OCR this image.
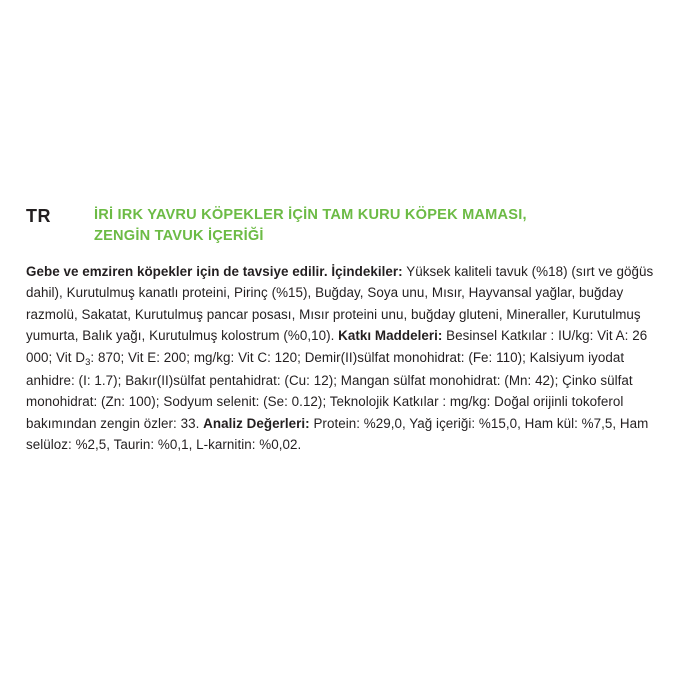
TR	İRİ IRK YAVRU KÖPEKLER İÇİN TAM KURU KÖPEK MAMASI,
ZENGİN TAVUK İÇERİĞİ
Gebe ve emziren köpekler için de tavsiye edilir. İçindekiler: Yüksek kaliteli tavuk (%18) (sırt ve göğüs dahil), Kurutulmuş kanatlı proteini, Pirinç (%15), Buğday, Soya unu, Mısır, Hayvansal yağlar, buğday razmolü, Sakatat, Kurutulmuş pancar posası, Mısır proteini unu, buğday gluteni, Mineraller, Kurutulmuş yumurta, Balık yağı, Kurutulmuş kolostrum (%0,10). Katkı Maddeleri: Besinsel Katkılar : IU/kg: Vit A: 26 000; Vit $D_3$: 870; Vit E: 200; mg/kg: Vit C: 120; Demir(II)sülfat monohidrat: (Fe: 110); Kalsiyum iyodat anhidre: (I: 1.7); Bakır(II)sülfat pentahidrat: (Cu: 12); Mangan sülfat monohidrat: (Mn: 42); Çinko sülfat monohidrat: (Zn: 100); Sodyum selenit: (Se: 0.12); Teknolojik Katkılar : mg/kg: Doğal orijinli tokoferol bakımından zengin özler: 33. Analiz Değerleri: Protein: %29,0, Yağ içeriği: %15,0, Ham kül: %7,5, Ham selüloz: %2,5, Taurin: %0,1, L-karnitin: %0,02.
